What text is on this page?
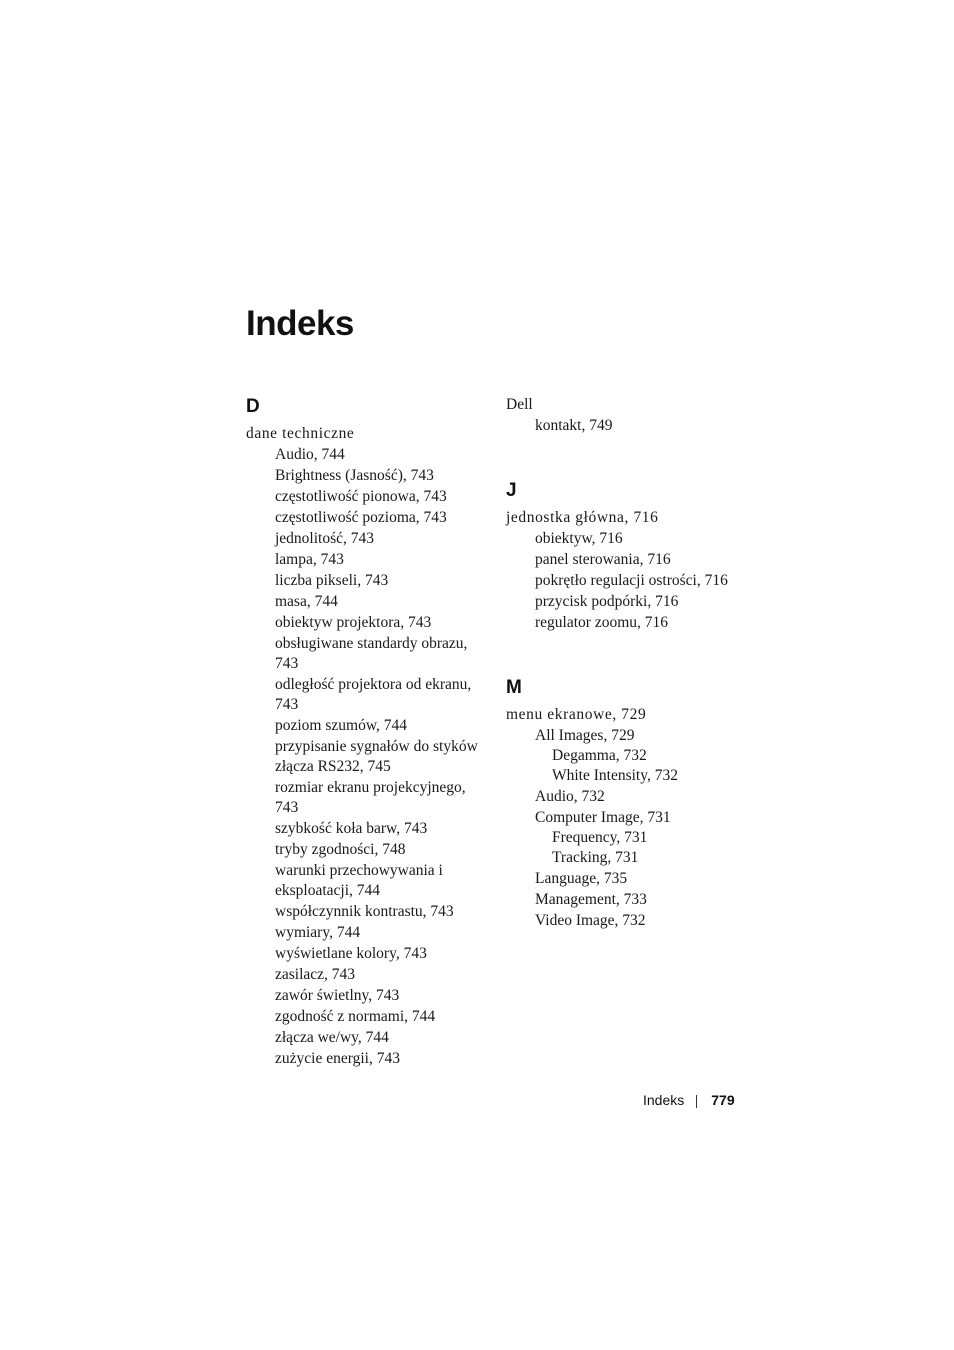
Indeks
D
dane techniczne
Audio, 744
Brightness (Jasność), 743
częstotliwość pionowa, 743
częstotliwość pozioma, 743
jednolitość, 743
lampa, 743
liczba pikseli, 743
masa, 744
obiektyw projektora, 743
obsługiwane standardy obrazu, 743
odległość projektora od ekranu, 743
poziom szumów, 744
przypisanie sygnałów do styków złącza RS232, 745
rozmiar ekranu projekcyjnego, 743
szybkość koła barw, 743
tryby zgodności, 748
warunki przechowywania i eksploatacji, 744
współczynnik kontrastu, 743
wymiary, 744
wyświetlane kolory, 743
zasilacz, 743
zawór świetlny, 743
zgodność z normami, 744
złącza we/wy, 744
zużycie energii, 743
Dell
kontakt, 749
J
jednostka główna, 716
obiektyw, 716
panel sterowania, 716
pokrętło regulacji ostrości, 716
przycisk podpórki, 716
regulator zoomu, 716
M
menu ekranowe, 729
All Images, 729
Degamma, 732
White Intensity, 732
Audio, 732
Computer Image, 731
Frequency, 731
Tracking, 731
Language, 735
Management, 733
Video Image, 732
Indeks 779
